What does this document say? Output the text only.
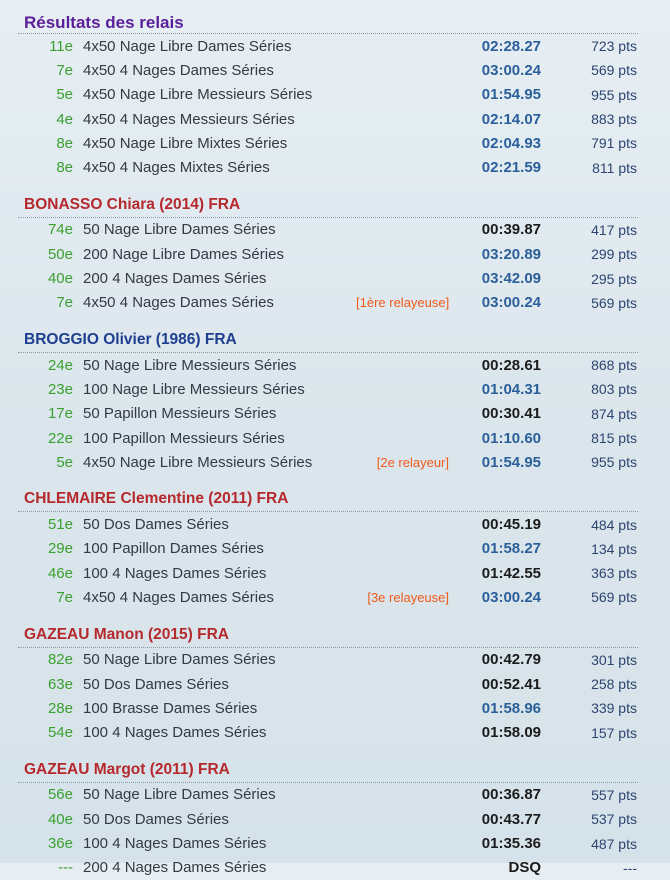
Résultats des relais
11e 4x50 Nage Libre Dames Séries	02:28.27	723 pts
7e 4x50 4 Nages Dames Séries	03:00.24	569 pts
5e 4x50 Nage Libre Messieurs Séries	01:54.95	955 pts
4e 4x50 4 Nages Messieurs Séries	02:14.07	883 pts
8e 4x50 Nage Libre Mixtes Séries	02:04.93	791 pts
8e 4x50 4 Nages Mixtes Séries	02:21.59	811 pts
BONASSO Chiara (2014) FRA
74e 50 Nage Libre Dames Séries	00:39.87	417 pts
50e 200 Nage Libre Dames Séries	03:20.89	299 pts
40e 200 4 Nages Dames Séries	03:42.09	295 pts
7e 4x50 4 Nages Dames Séries	[1ère relayeuse]	03:00.24	569 pts
BROGGIO Olivier (1986) FRA
24e 50 Nage Libre Messieurs Séries	00:28.61	868 pts
23e 100 Nage Libre Messieurs Séries	01:04.31	803 pts
17e 50 Papillon Messieurs Séries	00:30.41	874 pts
22e 100 Papillon Messieurs Séries	01:10.60	815 pts
5e 4x50 Nage Libre Messieurs Séries	[2e relayeur]	01:54.95	955 pts
CHLEMAIRE Clementine (2011) FRA
51e 50 Dos Dames Séries	00:45.19	484 pts
29e 100 Papillon Dames Séries	01:58.27	134 pts
46e 100 4 Nages Dames Séries	01:42.55	363 pts
7e 4x50 4 Nages Dames Séries	[3e relayeuse]	03:00.24	569 pts
GAZEAU Manon (2015) FRA
82e 50 Nage Libre Dames Séries	00:42.79	301 pts
63e 50 Dos Dames Séries	00:52.41	258 pts
28e 100 Brasse Dames Séries	01:58.96	339 pts
54e 100 4 Nages Dames Séries	01:58.09	157 pts
GAZEAU Margot (2011) FRA
56e 50 Nage Libre Dames Séries	00:36.87	557 pts
40e 50 Dos Dames Séries	00:43.77	537 pts
36e 100 4 Nages Dames Séries	01:35.36	487 pts
--- 200 4 Nages Dames Séries	DSQ	---
